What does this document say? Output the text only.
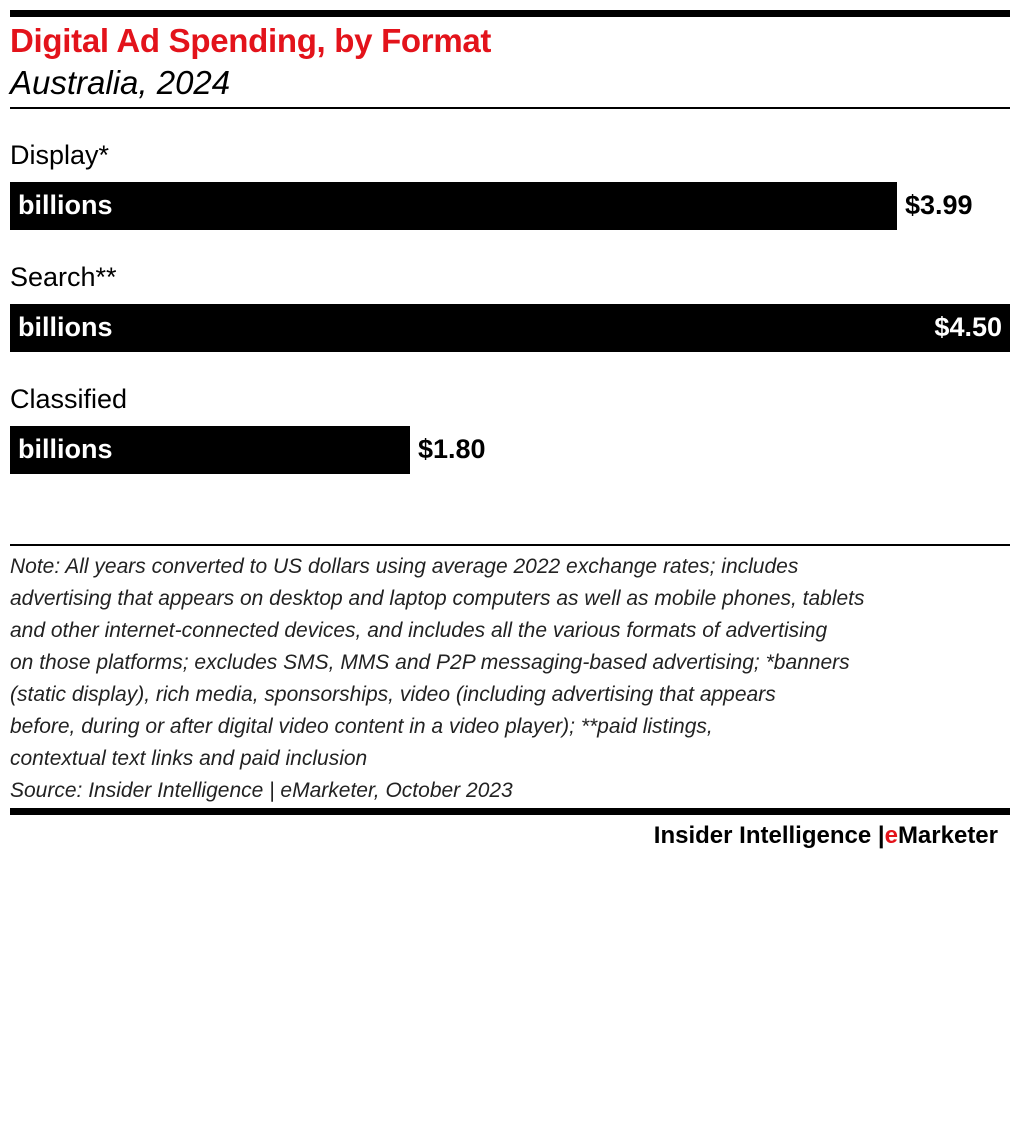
Digital Ad Spending, by Format
Australia, 2024
Display*
billions	$3.99
Search**
billions	$4.50
Classified
billions	$1.80

Note: All years converted to US dollars using average 2022 exchange rates; includes

advertising that appears on desktop and laptop computers as well as mobile phones, tablets

and other internet-connected devices, and includes all the various formats of advertising

on those platforms; excludes SMS, MMS and P2P messaging-based advertising; *banners

(static display), rich media, sponsorships, video (including advertising that appears

before, during or after digital video content in a video player); **paid listings,

contextual text links and paid inclusion

Source: Insider Intelligence | eMarketer, October 2023

Insider Intelligence |eMarketer
